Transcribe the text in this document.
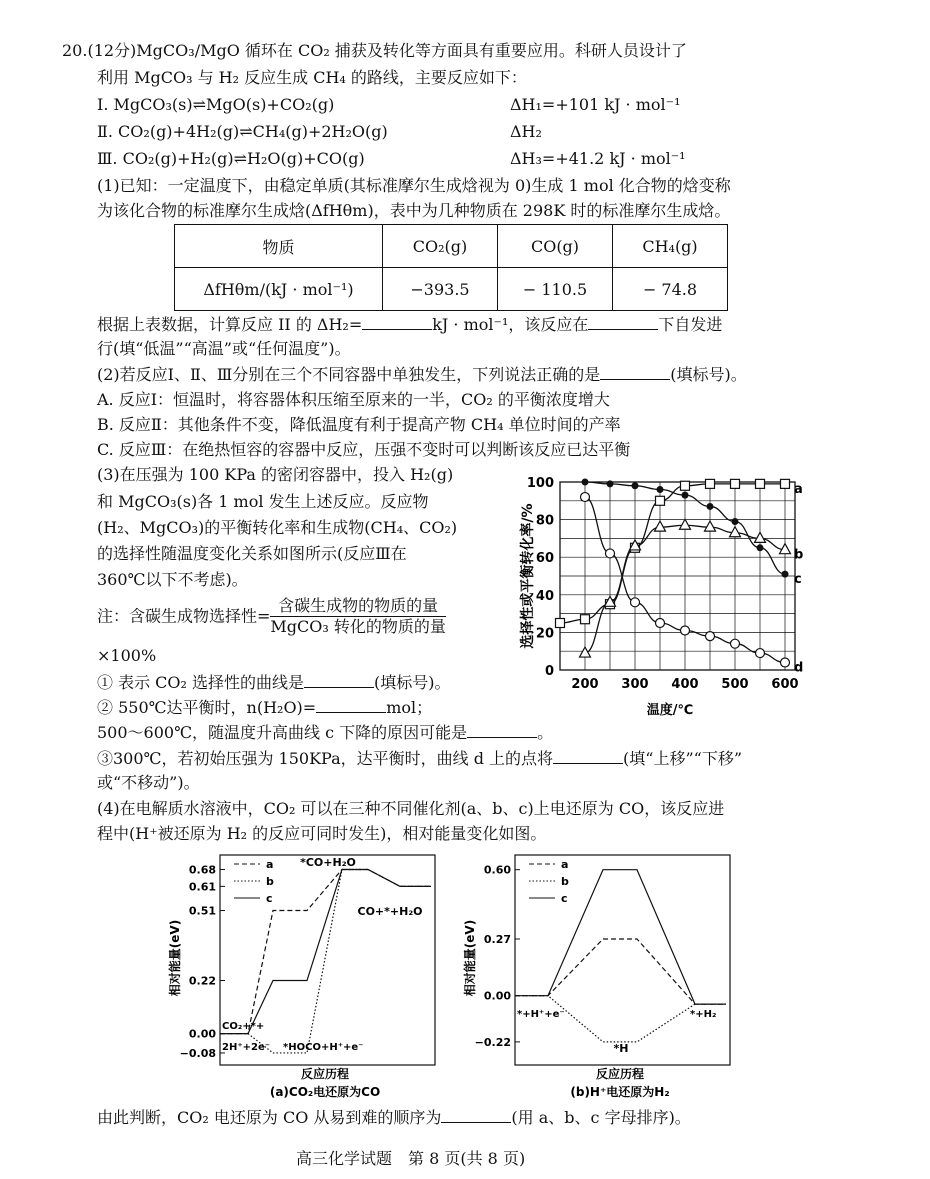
20.(12分)MgCO₃/MgO 循环在 CO₂ 捕获及转化等方面具有重要应用。科研人员设计了
利用 MgCO₃ 与 H₂ 反应生成 CH₄ 的路线，主要反应如下：
Ⅰ. MgCO₃(s)⇌MgO(s)+CO₂(g)	ΔH₁=+101 kJ · mol⁻¹
Ⅱ. CO₂(g)+4H₂(g)⇌CH₄(g)+2H₂O(g)	ΔH₂
Ⅲ. CO₂(g)+H₂(g)⇌H₂O(g)+CO(g)	ΔH₃=+41.2 kJ · mol⁻¹
(1)已知：一定温度下，由稳定单质(其标准摩尔生成焓视为 0)生成 1 mol 化合物的焓变称
为该化合物的标准摩尔生成焓(ΔfHθm)，表中为几种物质在 298K 时的标准摩尔生成焓。
物质	CO₂(g)	CO(g)	CH₄(g)
ΔfHθm/(kJ · mol⁻¹)	−393.5	− 110.5	− 74.8
根据上表数据，计算反应 II 的 ΔH₂=	kJ · mol⁻¹，该反应在	下自发进
行(填“低温”“高温”或“任何温度”)。
(2)若反应Ⅰ、Ⅱ、Ⅲ分别在三个不同容器中单独发生，下列说法正确的是	(填标号)。
A. 反应Ⅰ：恒温时，将容器体积压缩至原来的一半，CO₂ 的平衡浓度增大
B. 反应Ⅱ：其他条件不变，降低温度有利于提高产物 CH₄ 单位时间的产率
C. 反应Ⅲ：在绝热恒容的容器中反应，压强不变时可以判断该反应已达平衡
(3)在压强为 100 KPa 的密闭容器中，投入 H₂(g)
和 MgCO₃(s)各 1 mol 发生上述反应。反应物
(H₂、MgCO₃)的平衡转化率和生成物(CH₄、CO₂)
的选择性随温度变化关系如图所示(反应Ⅲ在
360℃以下不考虑)。
注：含碳生成物选择性= $\frac{\text{含碳生成物的物质的量}}{\text{MgCO₃ 转化的物质的量}}$
×100%
① 表示 CO₂ 选择性的曲线是	(填标号)。
② 550℃达平衡时，n(H₂O)=	mol；
500～600℃，随温度升高曲线 c 下降的原因可能是	。
③300℃，若初始压强为 150KPa，达平衡时，曲线 d 上的点将	(填“上移”“下移”
或“不移动”)。
(4)在电解质水溶液中，CO₂ 可以在三种不同催化剂(a、b、c)上电还原为 CO，该反应进
程中(H⁺被还原为 H₂ 的反应可同时发生)，相对能量变化如图。
由此判断，CO₂ 电还原为 CO 从易到难的顺序为	(用 a、b、c 字母排序)。
高三化学试题　第 8 页(共 8 页)
200 300 400 500 600
0
20
40
60
80
100	a
b
c
d
温度/℃
选择性或平衡转化率/%
0.68
0.61
0.51
0.22
0.00
−0.08
a
b
c
*CO+H₂O
CO+*+H₂O
CO₂+*+
2H⁺+2e⁻ *HOCO+H⁺+e⁻
反应历程
(a)CO₂电还原为CO
相对能量(eV)
0.60
0.27
0.00
−0.22
a
b
c
*+H⁺+e⁻
*H
*+H₂
反应历程
(b)H⁺电还原为H₂
相对能量(eV)
